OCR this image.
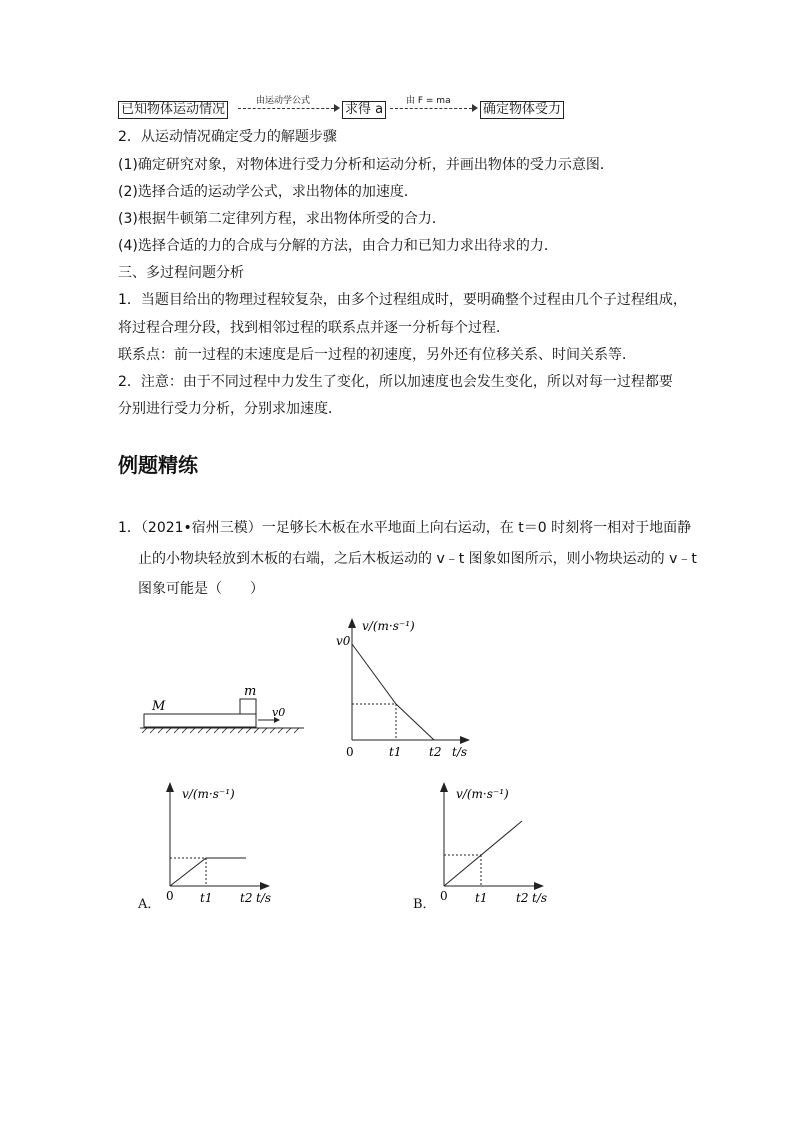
已知物体运动情况
由运动学公式
求得 a
由 F = ma
确定物体受力
2．从运动情况确定受力的解题步骤
(1)确定研究对象，对物体进行受力分析和运动分析，并画出物体的受力示意图．
(2)选择合适的运动学公式，求出物体的加速度．
(3)根据牛顿第二定律列方程，求出物体所受的合力．
(4)选择合适的力的合成与分解的方法，由合力和已知力求出待求的力．
三、多过程问题分析
1．当题目给出的物理过程较复杂，由多个过程组成时，要明确整个过程由几个子过程组成，
将过程合理分段，找到相邻过程的联系点并逐一分析每个过程．
联系点：前一过程的末速度是后一过程的初速度，另外还有位移关系、时间关系等．
2．注意：由于不同过程中力发生了变化，所以加速度也会发生变化，所以对每一过程都要
分别进行受力分析，分别求加速度．
例题精练
1．（2021•宿州三模）一足够长木板在水平地面上向右运动，在 t＝0 时刻将一相对于地面静
止的小物块轻放到木板的右端，之后木板运动的 v﹣t 图象如图所示，则小物块运动的 v﹣t
图象可能是（　　）
M
m
v0
v/(m·s⁻¹)
v0
0	t1 t2 t/s
A．
v/(m·s⁻¹)
0 t1 t2 t/s	B．
v/(m·s⁻¹)
0 t1 t2 t/s
